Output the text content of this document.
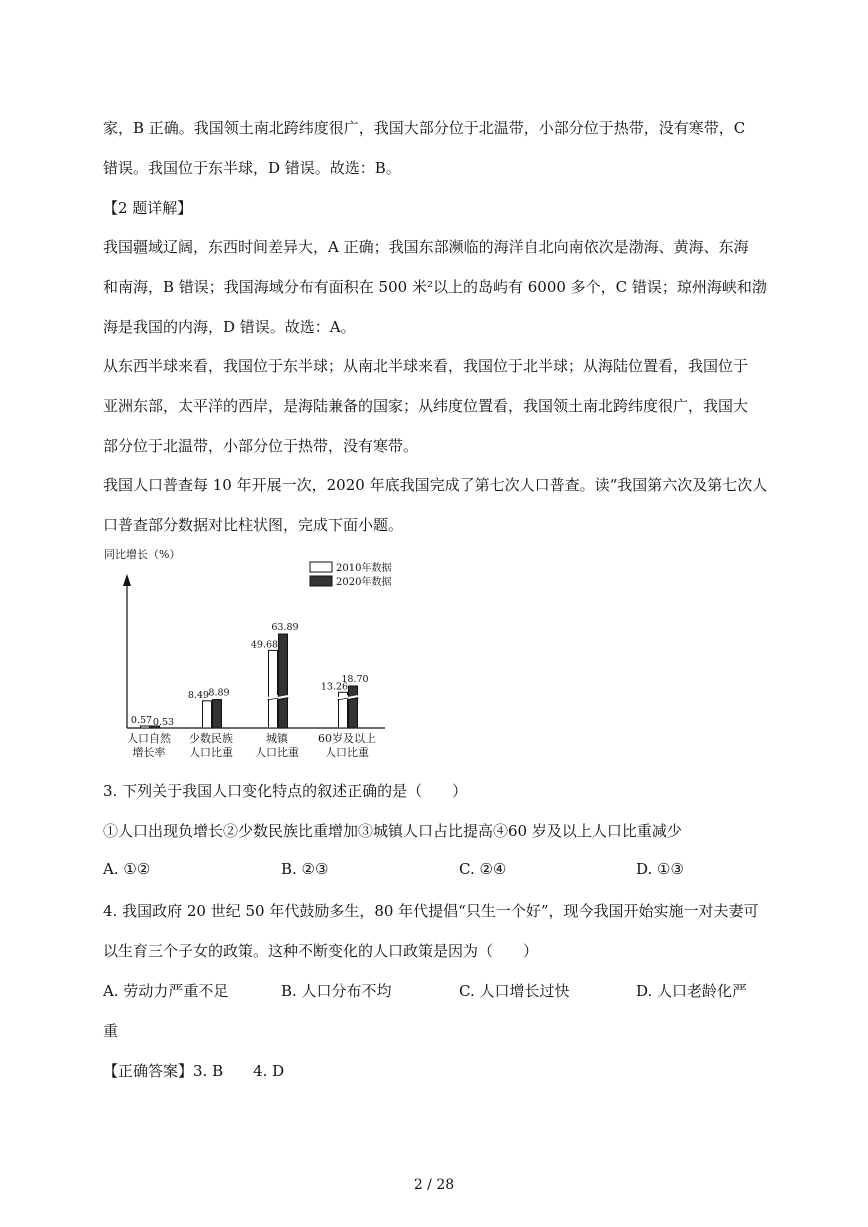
家，B 正确。我国领土南北跨纬度很广，我国大部分位于北温带，小部分位于热带，没有寒带，C
错误。我国位于东半球，D 错误。故选：B。
【2 题详解】
我国疆域辽阔，东西时间差异大，A 正确；我国东部濒临的海洋自北向南依次是渤海、黄海、东海
和南海，B 错误；我国海域分布有面积在 500 米²以上的岛屿有 6000 多个，C 错误；琼州海峡和渤
海是我国的内海，D 错误。故选：A。
从东西半球来看，我国位于东半球；从南北半球来看，我国位于北半球；从海陆位置看，我国位于
亚洲东部，太平洋的西岸，是海陆兼备的国家；从纬度位置看，我国领土南北跨纬度很广，我国大
部分位于北温带，小部分位于热带，没有寒带。
我国人口普查每 10 年开展一次，2020 年底我国完成了第七次人口普查。读“我国第六次及第七次人
口普查部分数据对比柱状图，完成下面小题。
同比增长（%）
2010年数据
2020年数据
0.57 0.53
人口自然
增长率
8.49 8.89
少数民族
人口比重
49.68
63.89
城镇
人口比重
13.26
18.70
60岁及以上
人口比重
3. 下列关于我国人口变化特点的叙述正确的是（　　）
①人口出现负增长②少数民族比重增加③城镇人口占比提高④60 岁及以上人口比重减少
A. ①②	B. ②③	C. ②④	D. ①③
4. 我国政府 20 世纪 50 年代鼓励多生，80 年代提倡“只生一个好”，现今我国开始实施一对夫妻可
以生育三个子女的政策。这种不断变化的人口政策是因为（　　）
A. 劳动力严重不足	B. 人口分布不均	C. 人口增长过快	D. 人口老龄化严
重
【正确答案】3. B　　4. D
2 / 28
